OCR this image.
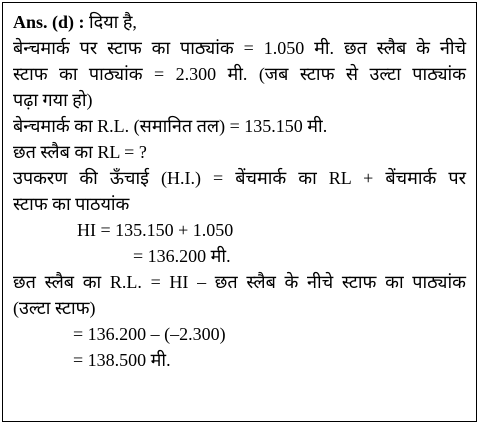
Ans. (d) : दिया है,

बेन्चमार्क पर स्टाफ का पाठ्यांक = 1.050 मी. छत स्लैब के नीचे

स्टाफ का पाठ्यांक = 2.300 मी. (जब स्टाफ से उल्टा पाठ्यांक

पढ़ा गया हो)

बेन्चमार्क का R.L. (समानित तल) = 135.150 मी.

छत स्लैब का RL = ?

उपकरण की ऊँचाई (H.I.) = बेंचमार्क का RL + बेंचमार्क पर

स्टाफ का पाठयांक

HI = 135.150 + 1.050

= 136.200 मी.

छत स्लैब का R.L. = HI – छत स्लैब के नीचे स्टाफ का पाठ्यांक

(उल्टा स्टाफ)

= 136.200 – (–2.300)

= 138.500 मी.
